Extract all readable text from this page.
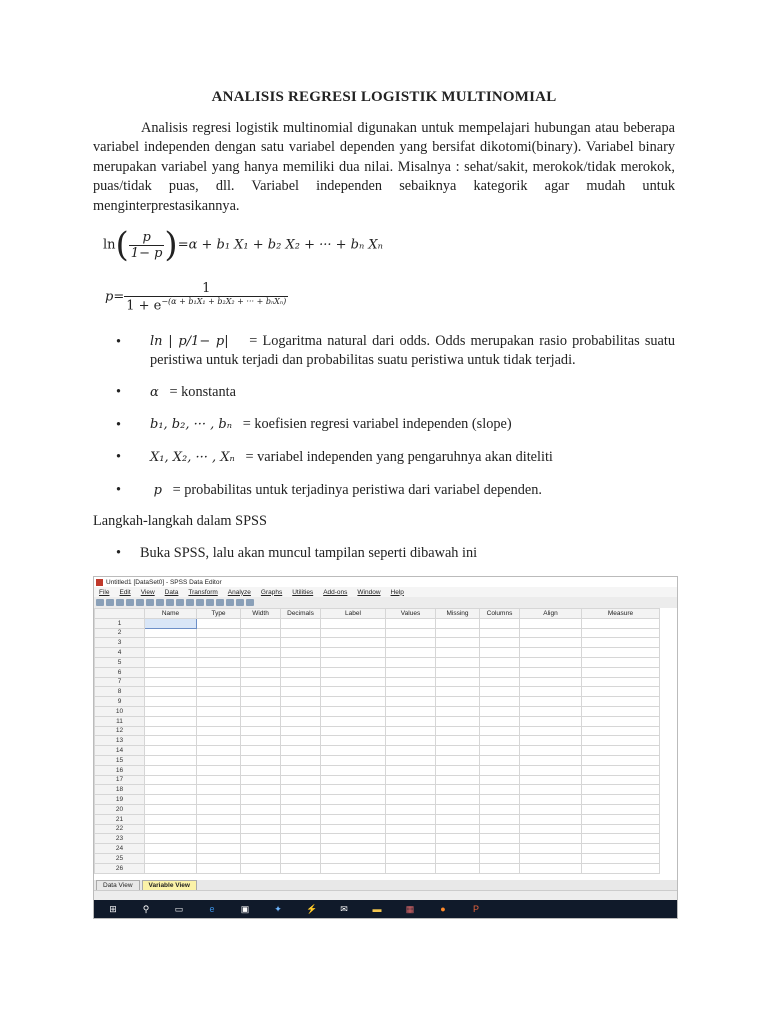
ANALISIS REGRESI LOGISTIK MULTINOMIAL
Analisis regresi logistik multinomial digunakan untuk mempelajari hubungan atau beberapa variabel independen dengan satu variabel dependen yang bersifat dikotomi(binary). Variabel binary merupakan variabel yang hanya memiliki dua nilai. Misalnya : sehat/sakit, merokok/tidak merokok, puas/tidak puas, dll. Variabel independen sebaiknya kategorik agar mudah untuk menginterprestasikannya.
$\ln( \frac{p}{1- p} )=\alpha + b_1$ X₁ + b₂ X₂ + ··· + bₙ Xₙ
$p= \frac{1}{1 + e^{-(\alpha + b_1X_1 + b_2X_2 + \cdot\cdot\cdot + b_nX_n)}}$
• ln | p/1− p|    = Logaritma natural dari odds. Odds merupakan rasio probabilitas suatu peristiwa untuk terjadi dan probabilitas suatu peristiwa untuk tidak terjadi.
• α   = konstanta
• b₁, b₂, ··· , bₙ   = koefisien regresi variabel independen (slope)
• X₁, X₂, ··· , Xₙ   = variabel independen yang pengaruhnya akan diteliti
•	p   = probabilitas untuk terjadinya peristiwa dari variabel dependen.
Langkah-langkah dalam SPSS
• Buka SPSS, lalu akan muncul tampilan seperti dibawah ini
Untitled1 [DataSet0] - SPSS Data Editor
File Edit View Data Transform Analyze Graphs Utilities Add-ons Window Help
	Name	Type	Width	Decimals	Label	Values	Missing	Columns	Align	Measure
1										
2										
3										
4										
5										
6										
7										
8										
9										
10										
11										
12										
13										
14										
15										
16										
17										
18										
19										
20										
21										
22										
23										
24										
25										
26										
Data View	Variable View
⊞	⚲	▭	e	▣	✦	⚡	✉	▬	▦	●	P
